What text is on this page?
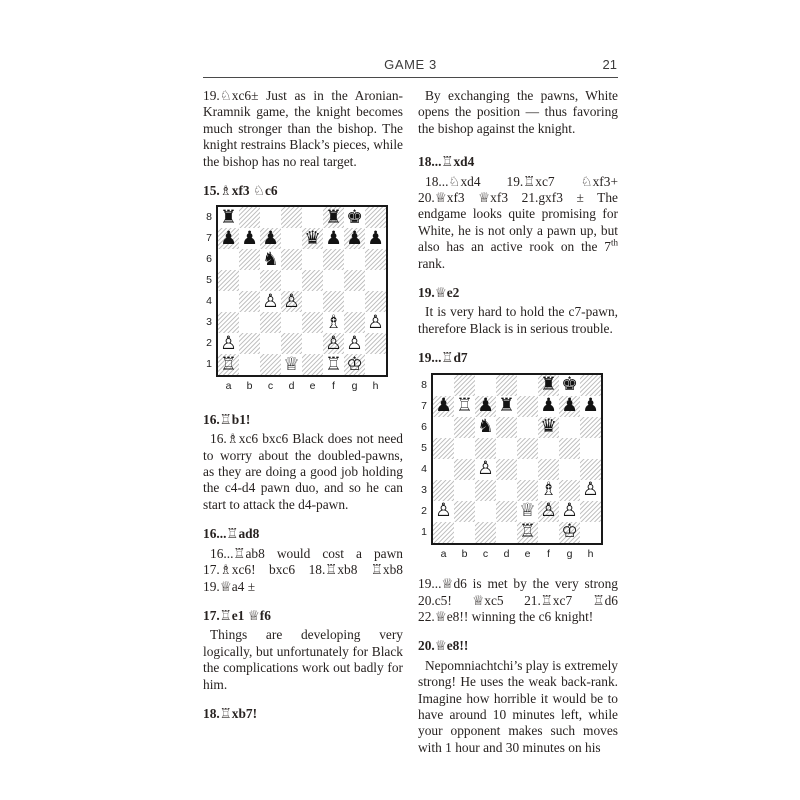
GAME 3	21

19.♘xc6± Just as in the Aronian-Kramnik game, the knight becomes much stronger than the bishop. The knight restrains Black’s pieces, while the bishop has no real target.

15.♗xf3 ♘c6

8
7
6
5
4
3
2
1
♜	♜ ♚
♟ ♟ ♟ ♛ ♟ ♟ ♟
♞
♙ ♙
♗ ♙
♙	♙ ♙
♖	♕ ♖ ♔
a	b	c	d	e	f	g	h

16.♖b1!

16.♗xc6 bxc6 Black does not need to worry about the doubled-pawns, as they are doing a good job holding the c4-d4 pawn duo, and so he can start to attack the d4-pawn.

16...♖ad8

16...♖ab8 would cost a pawn 17.♗xc6! bxc6 18.♖xb8 ♖xb8 19.♕a4 ±

17.♖e1 ♕f6

Things are developing very logically, but unfortunately for Black the complications work out badly for him.

18.♖xb7!

By exchanging the pawns, White opens the position — thus favoring the bishop against the knight.

18...♖xd4

18...♘xd4 19.♖xc7 ♘xf3+ 20.♕xf3 ♕xf3 21.gxf3 ± The endgame looks quite promising for White, he is not only a pawn up, but also has an active rook on the 7th rank.

19.♕e2

It is very hard to hold the c7-pawn, therefore Black is in serious trouble.

19...♖d7

8
7
6
5
4
3
2
1
♜ ♚
♟ ♖ ♟ ♜ ♟ ♟ ♟
♞	♛
♙
♗ ♙
♙	♕ ♙ ♙
♖ ♔
a	b	c	d	e	f	g	h

19...♕d6 is met by the very strong 20.c5! ♕xc5 21.♖xc7 ♖d6 22.♕e8!! winning the c6 knight!

20.♕e8!!

Nepomniachtchi’s play is extremely strong! He uses the weak back-rank. Imagine how horrible it would be to have around 10 minutes left, while your opponent makes such moves with 1 hour and 30 minutes on his
